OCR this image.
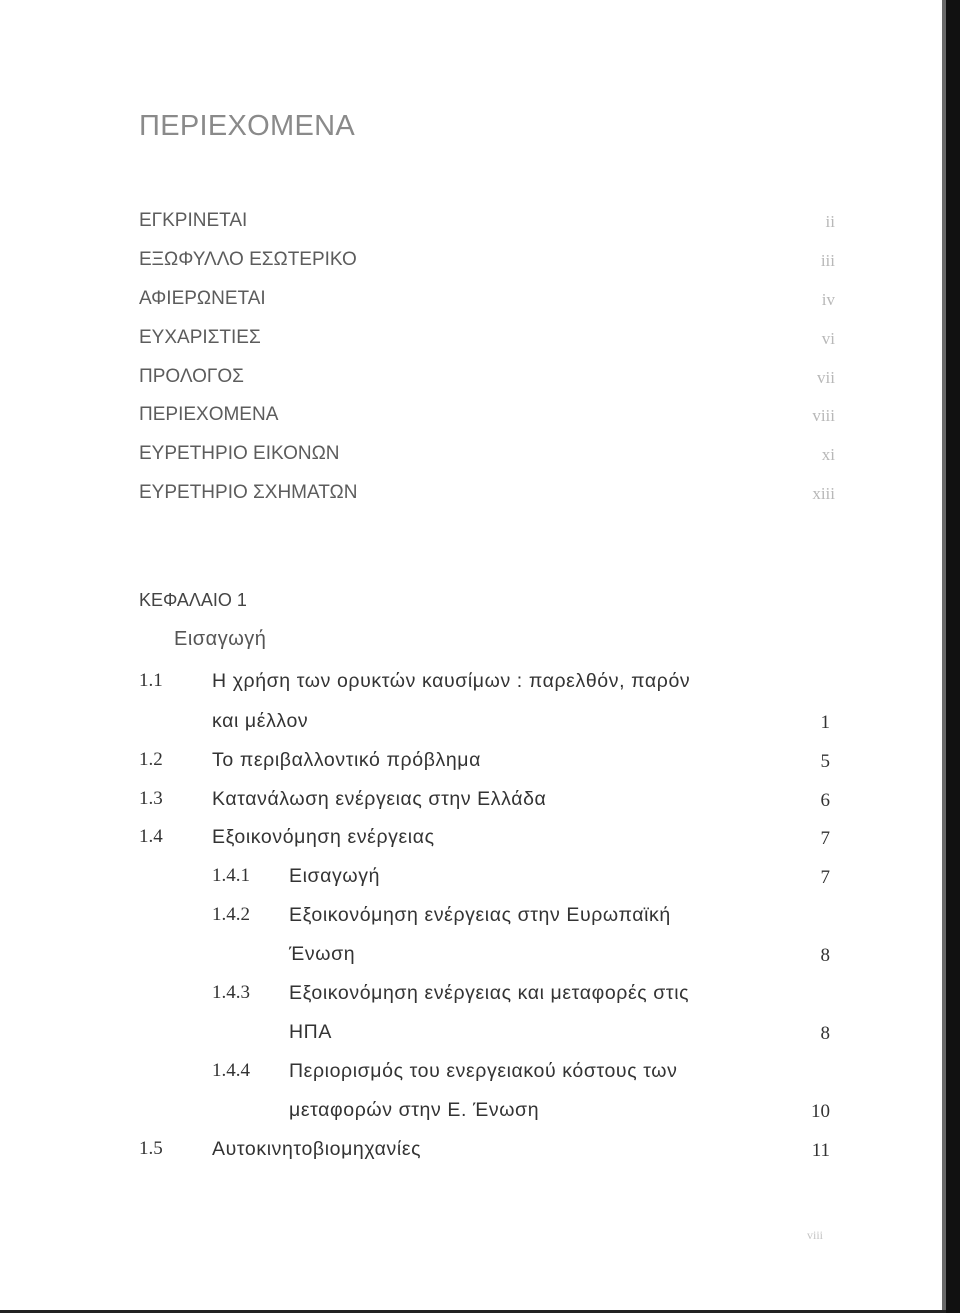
ΠΕΡΙΕΧΟΜΕΝΑ
ΕΓΚΡΙΝΕΤΑΙ	ii
ΕΞΩΦΥΛΛΟ ΕΣΩΤΕΡΙΚΟ	iii
ΑΦΙΕΡΩΝΕΤΑΙ	iv
ΕΥΧΑΡΙΣΤΙΕΣ	vi
ΠΡΟΛΟΓΟΣ	vii
ΠΕΡΙΕΧΟΜΕΝΑ	viii
ΕΥΡΕΤΗΡΙΟ ΕΙΚΟΝΩΝ	xi
ΕΥΡΕΤΗΡΙΟ ΣΧΗΜΑΤΩΝ	xiii
ΚΕΦΑΛΑΙΟ 1
Εισαγωγή
1.1	Η χρήση των ορυκτών καυσίμων : παρελθόν, παρόν
και μέλλον	1
1.2	Το περιβαλλοντικό πρόβλημα	5
1.3	Κατανάλωση ενέργειας στην Ελλάδα	6
1.4	Εξοικονόμηση ενέργειας	7
1.4.1 Εισαγωγή	7
1.4.2 Εξοικονόμηση ενέργειας στην Ευρωπαϊκή
Ένωση	8
1.4.3 Εξοικονόμηση ενέργειας και μεταφορές στις
ΗΠΑ	8
1.4.4 Περιορισμός του ενεργειακού κόστους των
μεταφορών στην Ε. Ένωση	10
1.5	Αυτοκινητοβιομηχανίες	11
viii
